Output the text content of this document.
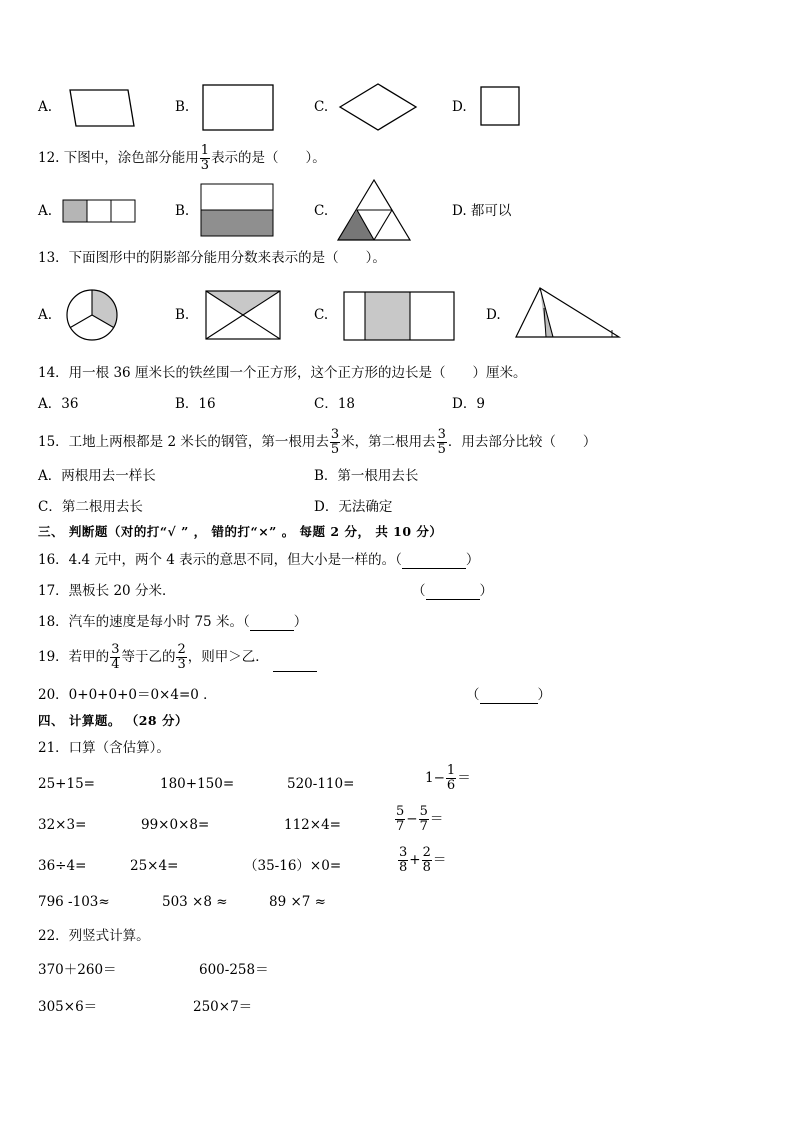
A.	B.	C.	D.
12. 下图中，涂色部分能用 $\frac{1}{3}$ 表示的是（　　）。
A.	B.	C.	D. 都可以
13．下面图形中的阴影部分能用分数来表示的是（　　）。
A.	B.	C.	D.
14．用一根 36 厘米长的铁丝围一个正方形，这个正方形的边长是（　　）厘米。
A．36	B．16	C．18	D．9
15．工地上两根都是 2 米长的钢管，第一根用去 $\frac{3}{5}$ 米，第二根用去 $\frac{3}{5}$ ．用去部分比较（　　）
A．两根用去一样长	B．第一根用去长
C．第二根用去长	D．无法确定
三、 判断题（对的打“√ ” ， 错的打“×” 。 每题 2 分， 共 10 分）
16．4.4 元中，两个 4 表示的意思不同，但大小是一样的。（	）
17．黑板长 20 分米．	（	）
18．汽车的速度是每小时 75 米。（	）
19．若甲的 $\frac{3}{4}$ 等于乙的 $\frac{2}{3}$ ，则甲＞乙．
20．0+0+0+0＝0×4=0 ．	（	）
四、 计算题。 （28 分）
21．口算（含估算）。
25+15=	180+150=	520-110=	$1- \frac{1}{6}$ ＝
32×3=	99×0×8=	112×4=	$\frac{5}{7} - \frac{5}{7}$ ＝
36÷4=	25×4=	（35-16）×0=	$\frac{3}{8} + \frac{2}{8}$ ＝
796 -103≈	503 ×8 ≈	89 ×7 ≈
22．列竖式计算。
370＋260＝	600-258＝
305×6＝	250×7＝
